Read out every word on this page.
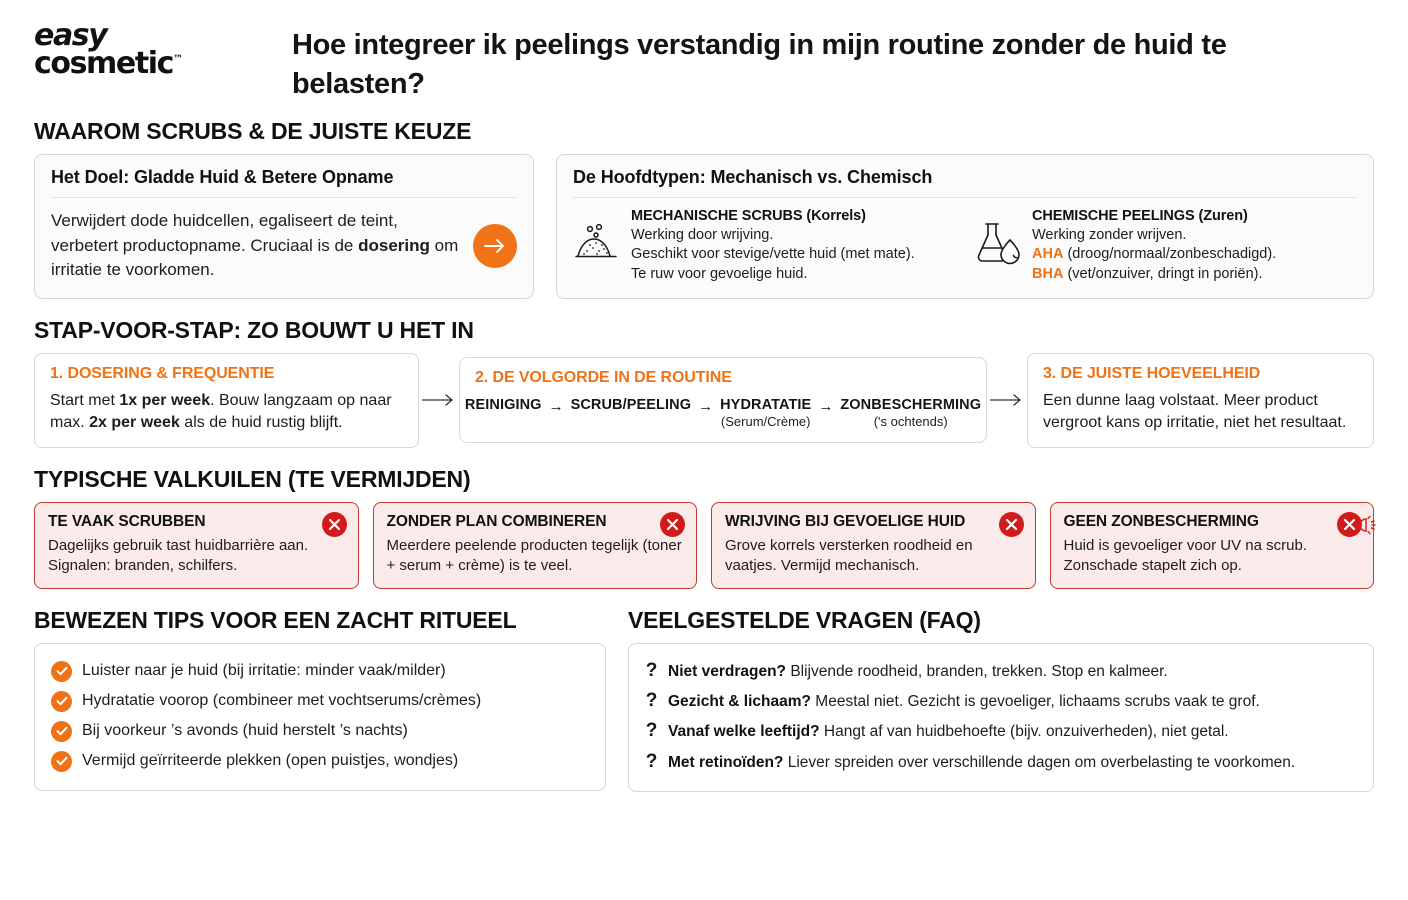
easy
cosmetic™	Hoe integreer ik peelings verstandig in mijn routine zonder de huid te belasten?
WAAROM SCRUBS & DE JUISTE KEUZE
Het Doel: Gladde Huid & Betere Opname
Verwijdert dode huidcellen, egaliseert de teint, verbetert productopname. Cruciaal is de dosering om irritatie te voorkomen.
De Hoofdtypen: Mechanisch vs. Chemisch
MECHANISCHE SCRUBS (Korrels)
Werking door wrijving.
Geschikt voor stevige/vette huid (met mate).
Te ruw voor gevoelige huid.
CHEMISCHE PEELINGS (Zuren)
Werking zonder wrijven.
AHA (droog/normaal/zonbeschadigd).
BHA (vet/onzuiver, dringt in poriën).
STAP-VOOR-STAP: ZO BOUWT U HET IN
1. DOSERING & FREQUENTIE
Start met 1x per week. Bouw langzaam op naar max. 2x per week als de huid rustig blijft.
2. DE VOLGORDE IN DE ROUTINE
REINIGING → SCRUB/PEELING → HYDRATATIE
(Serum/Crème)
→ ZONBESCHERMING
('s ochtends)
3. DE JUISTE HOEVEELHEID
Een dunne laag volstaat. Meer product vergroot kans op irritatie, niet het resultaat.
TYPISCHE VALKUILEN (TE VERMIJDEN)
TE VAAK SCRUBBEN
Dagelijks gebruik tast huidbarrière aan. Signalen: branden, schilfers.
ZONDER PLAN COMBINEREN
Meerdere peelende producten tegelijk (toner + serum + crème) is te veel.
WRIJVING BIJ GEVOELIGE HUID
Grove korrels versterken roodheid en vaatjes. Vermijd mechanisch.
GEEN ZONBESCHERMING
Huid is gevoeliger voor UV na scrub. Zonschade stapelt zich op.
BEWEZEN TIPS VOOR EEN ZACHT RITUEEL
Luister naar je huid (bij irritatie: minder vaak/milder)
Hydratatie voorop (combineer met vochtserums/crèmes)
Bij voorkeur ’s avonds (huid herstelt ’s nachts)
Vermijd geïrriteerde plekken (open puistjes, wondjes)
VEELGESTELDE VRAGEN (FAQ)
? Niet verdragen? Blijvende roodheid, branden, trekken. Stop en kalmeer.
? Gezicht & lichaam? Meestal niet. Gezicht is gevoeliger, lichaams scrubs vaak te grof.
? Vanaf welke leeftijd? Hangt af van huidbehoefte (bijv. onzuiverheden), niet getal.
? Met retinoïden? Liever spreiden over verschillende dagen om overbelasting te voorkomen.
